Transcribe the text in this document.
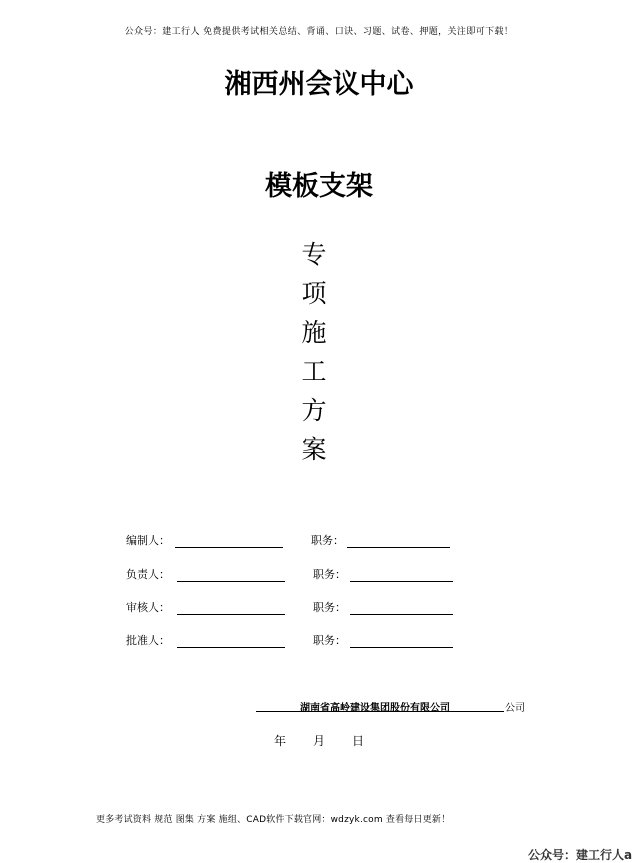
公众号：建工行人 免费提供考试相关总结、背诵、口诀、习题、试卷、押题，关注即可下载！
湘西州会议中心
模板支架
专
项
施
工
方
案
编制人：	职务：
负责人：	职务：
审核人：	职务：
批准人：	职务：
湖南省高岭建设集团股份有限公司	公司
年 月 日
更多考试资料 规范 图集 方案 施组、CAD软件下载官网：wdzyk.com 查看每日更新！
公众号：建工行人a
